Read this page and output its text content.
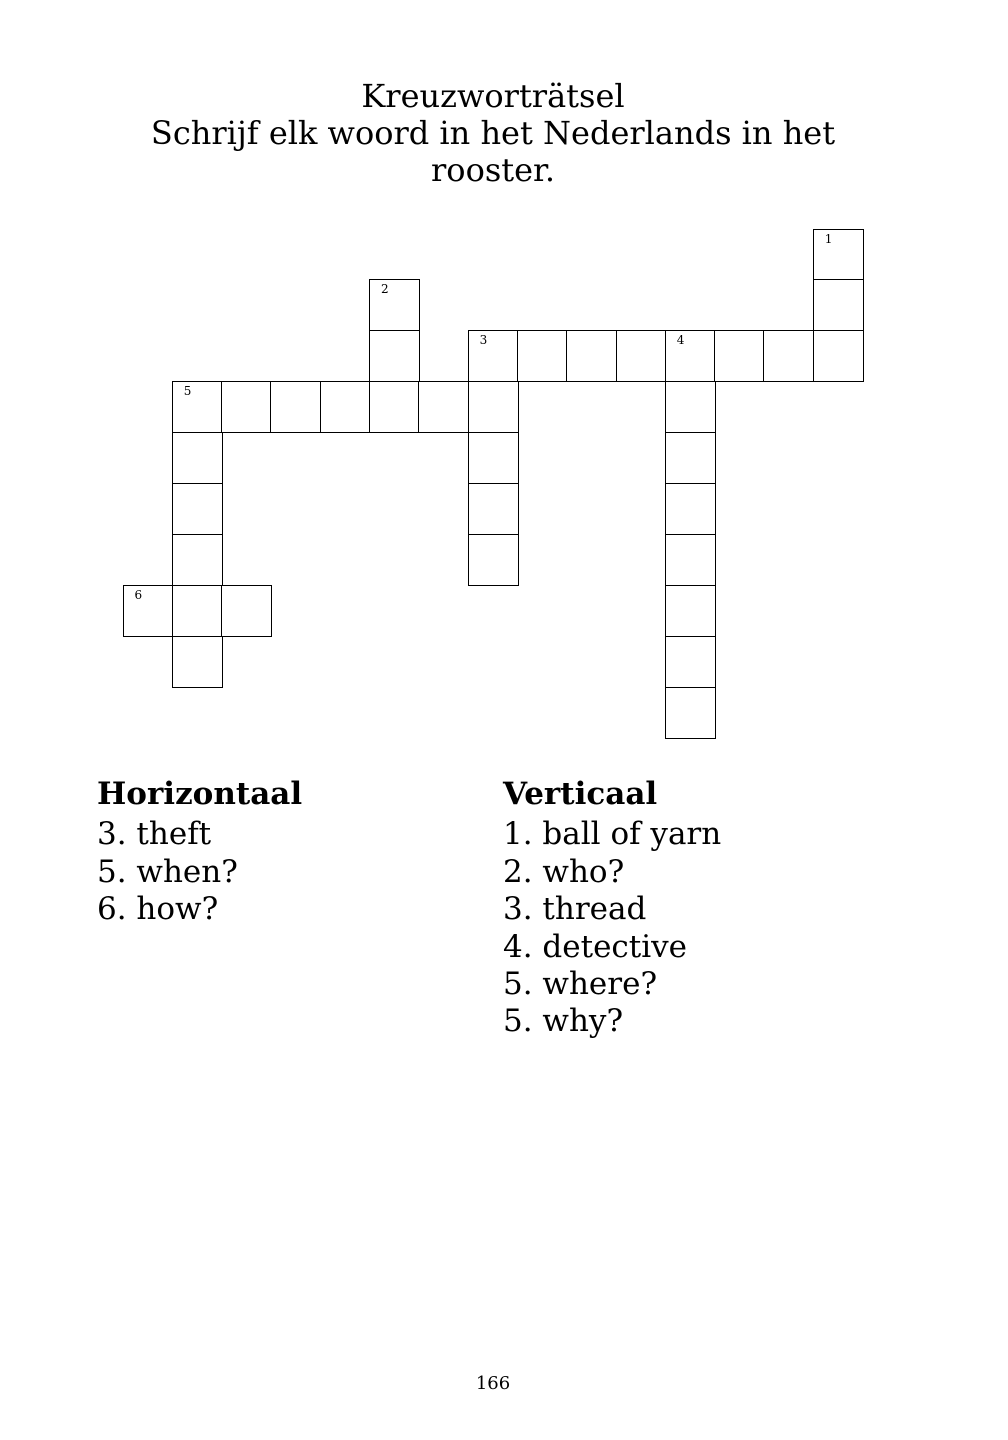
Kreuzworträtsel
Schrijf elk woord in het Nederlands in het
rooster.
1
2
3	4
5
6
Horizontaal
3. theft
5. when?
6. how?
Verticaal
1. ball of yarn
2. who?
3. thread
4. detective
5. where?
5. why?
166
